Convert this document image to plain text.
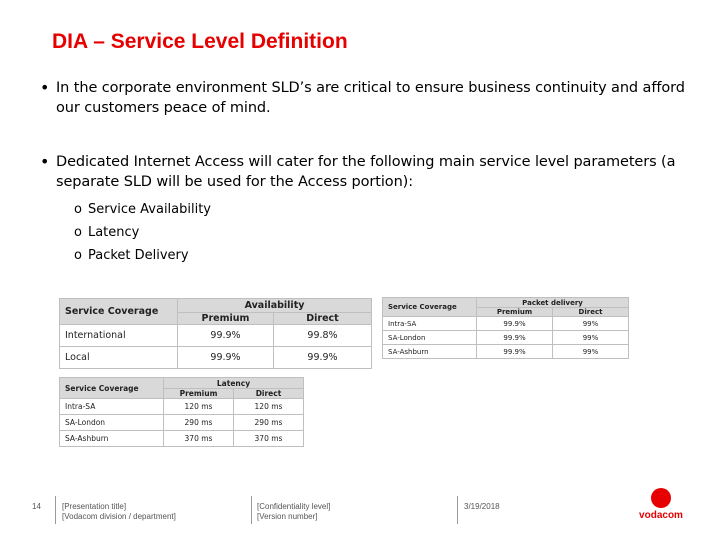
DIA – Service Level Definition
• In the corporate environment SLD’s are critical to ensure business continuity and afford our customers peace of mind.
• Dedicated Internet Access will cater for the following main service level parameters (a separate SLD will be used for the Access portion):
o Service Availability
o Latency
o Packet Delivery
Service Coverage	Availability	
	Premium	Direct
International	99.9%	99.8%
Local	99.9%	99.9%
Service Coverage	Packet delivery	
	Premium	Direct
Intra-SA	99.9%	99%
SA-London	99.9%	99%
SA-Ashburn	99.9%	99%
Service Coverage	Latency	
	Premium	Direct
Intra-SA	120 ms	120 ms
SA-London	290 ms	290 ms
SA-Ashburn	370 ms	370 ms
14	[Presentation title]
[Vodacom division / department]
[Confidentiality level]
[Version number]
3/19/2018
vodacom
